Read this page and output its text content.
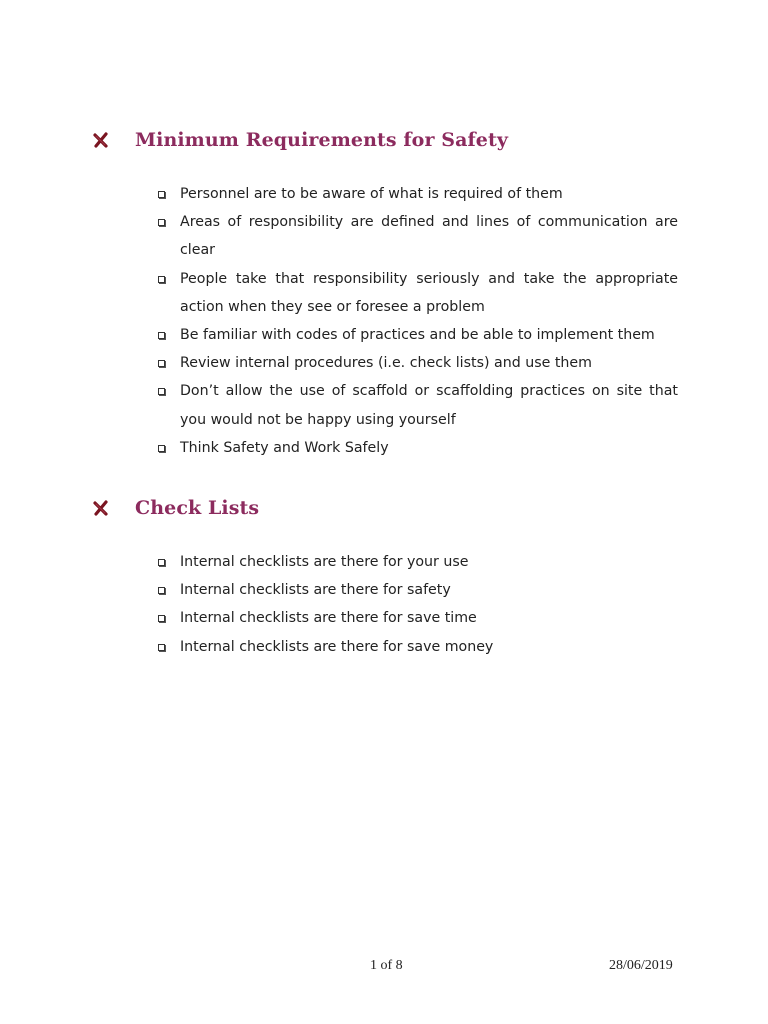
Minimum Requirements for Safety
Personnel are to be aware of what is required of them
Areas of responsibility are defined and lines of communication are clear
People take that responsibility seriously and take the appropriate action when they see or foresee a problem
Be familiar with codes of practices and be able to implement them
Review internal procedures (i.e. check lists) and use them
Don’t allow the use of scaffold or scaffolding practices on site that you would not be happy using yourself
Think Safety and Work Safely
Check Lists
Internal checklists are there for your use
Internal checklists are there for safety
Internal checklists are there for save time
Internal checklists are there for save money
1 of 8	28/06/2019
